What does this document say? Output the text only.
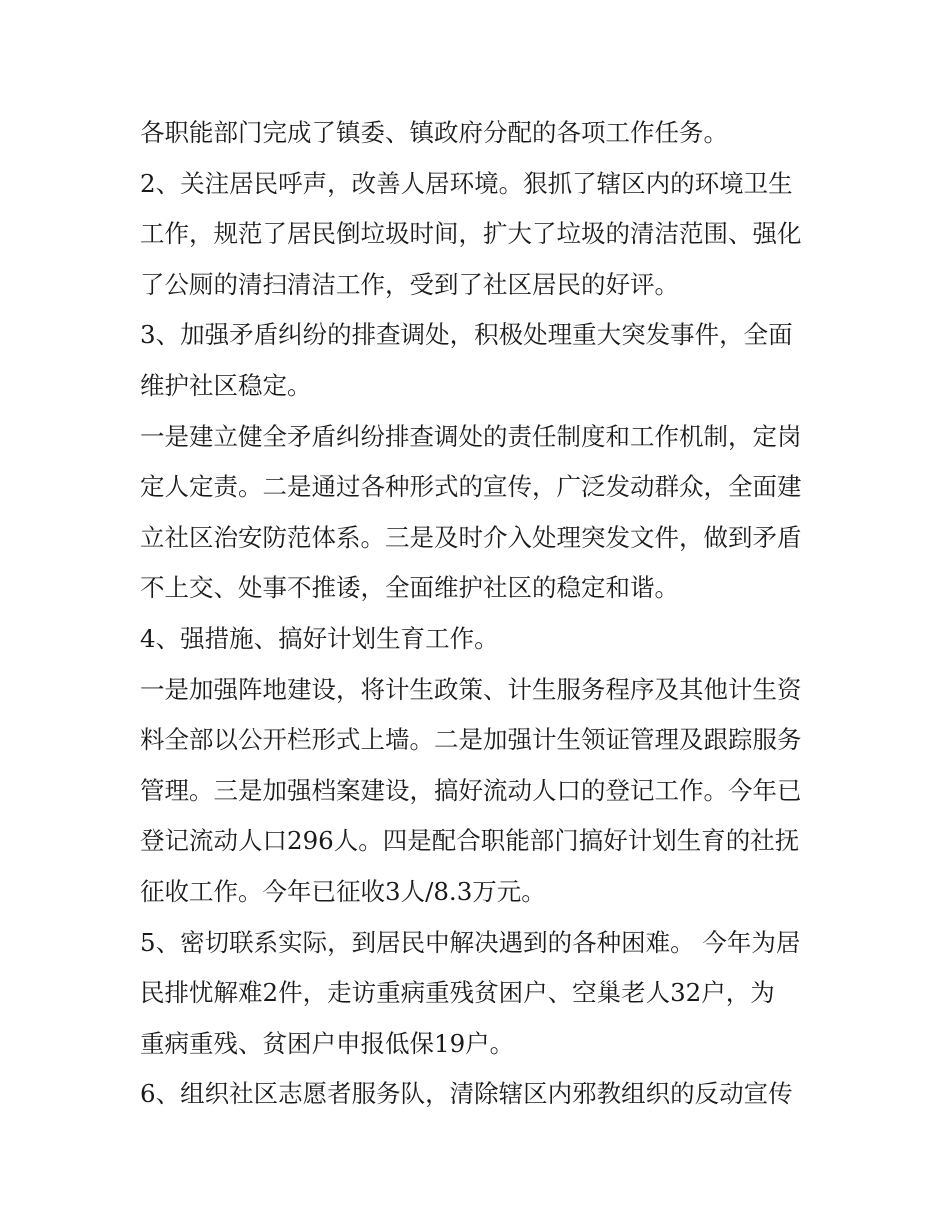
各职能部门完成了镇委、镇政府分配的各项工作任务。
2、关注居民呼声，改善人居环境。狠抓了辖区内的环境卫生
工作，规范了居民倒垃圾时间，扩大了垃圾的清洁范围、强化
了公厕的清扫清洁工作，受到了社区居民的好评。
3、加强矛盾纠纷的排查调处，积极处理重大突发事件，全面
维护社区稳定。
一是建立健全矛盾纠纷排查调处的责任制度和工作机制，定岗
定人定责。二是通过各种形式的宣传，广泛发动群众，全面建
立社区治安防范体系。三是及时介入处理突发文件，做到矛盾
不上交、处事不推诿，全面维护社区的稳定和谐。
4、强措施、搞好计划生育工作。
一是加强阵地建设，将计生政策、计生服务程序及其他计生资
料全部以公开栏形式上墙。二是加强计生领证管理及跟踪服务
管理。三是加强档案建设，搞好流动人口的登记工作。今年已
登记流动人口296人。四是配合职能部门搞好计划生育的社抚
征收工作。今年已征收3人/8.3万元。
5、密切联系实际，到居民中解决遇到的各种困难。 今年为居
民排忧解难2件，走访重病重残贫困户、空巢老人32户，为
重病重残、贫困户申报低保19户。
6、组织社区志愿者服务队，清除辖区内邪教组织的反动宣传
